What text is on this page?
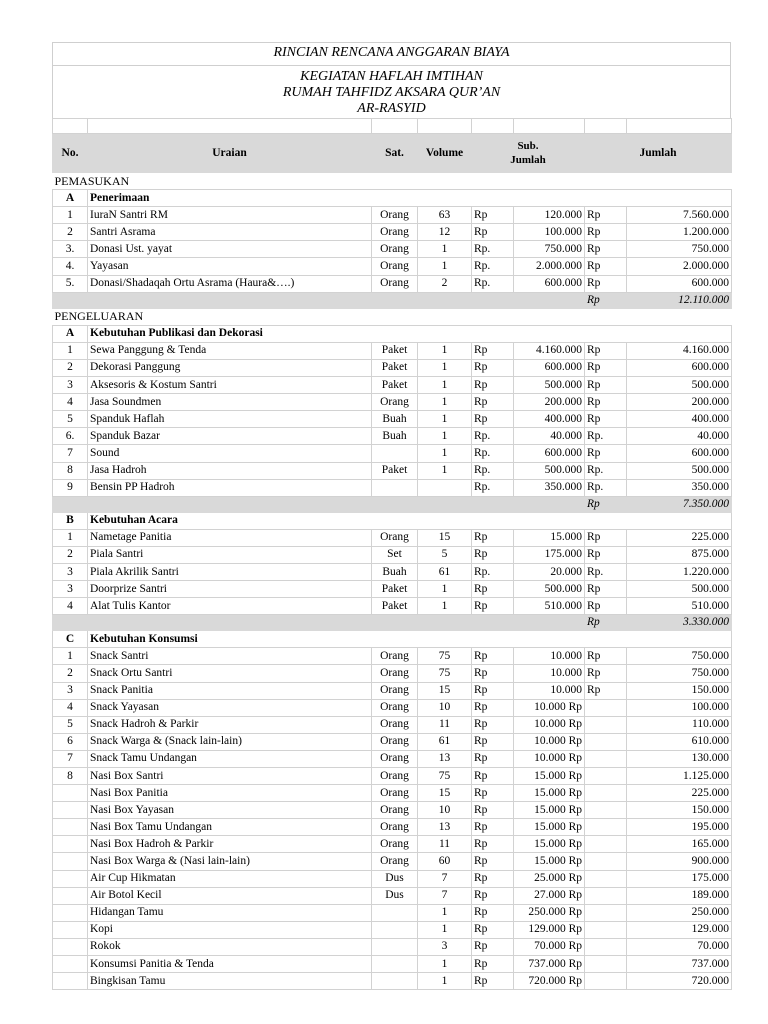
RINCIAN RENCANA ANGGARAN BIAYA
KEGIATAN HAFLAH IMTIHAN
RUMAH TAHFIDZ AKSARA QUR’AN
AR-RASYID

No.	Uraian	Sat.	Volume	Sub.
Jumlah		Jumlah	
PEMASUKAN							
A	Penerimaan						
1	IuraN Santri RM	Orang	63	Rp	120.000	Rp	7.560.000
2	Santri Asrama	Orang	12	Rp	100.000	Rp	1.200.000
3.	Donasi Ust. yayat	Orang	1	Rp.	750.000	Rp	750.000
4.	Yayasan	Orang	1	Rp.	2.000.000	Rp	2.000.000
5.	Donasi/Shadaqah Ortu Asrama (Haura&….)	Orang	2	Rp.	600.000	Rp	600.000
						Rp	12.110.000
PENGELUARAN							
A	Kebutuhan Publikasi dan Dekorasi						
1	Sewa Panggung & Tenda	Paket	1	Rp	4.160.000	Rp	4.160.000
2	Dekorasi Panggung	Paket	1	Rp	600.000	Rp	600.000
3	Aksesoris & Kostum Santri	Paket	1	Rp	500.000	Rp	500.000
4	Jasa Soundmen	Orang	1	Rp	200.000	Rp	200.000
5	Spanduk Haflah	Buah	1	Rp	400.000	Rp	400.000
6.	Spanduk Bazar	Buah	1	Rp.	40.000	Rp.	40.000
7	Sound		1	Rp.	600.000	Rp	600.000
8	Jasa Hadroh	Paket	1	Rp.	500.000	Rp.	500.000
9	Bensin PP Hadroh			Rp.	350.000	Rp.	350.000
						Rp	7.350.000
B	Kebutuhan Acara						
1	Nametage Panitia	Orang	15	Rp	15.000	Rp	225.000
2	Piala Santri	Set	5	Rp	175.000	Rp	875.000
3	Piala Akrilik Santri	Buah	61	Rp.	20.000	Rp.	1.220.000
3	Doorprize Santri	Paket	1	Rp	500.000	Rp	500.000
4	Alat Tulis Kantor	Paket	1	Rp	510.000	Rp	510.000
						Rp	3.330.000
C	Kebutuhan Konsumsi						
1	Snack Santri	Orang	75	Rp	10.000	Rp	750.000
2	Snack Ortu Santri	Orang	75	Rp	10.000	Rp	750.000
3	Snack Panitia	Orang	15	Rp	10.000	Rp	150.000
4	Snack Yayasan	Orang	10	Rp	10.000 Rp		100.000
5	Snack Hadroh & Parkir	Orang	11	Rp	10.000 Rp		110.000
6	Snack Warga & (Snack lain-lain)	Orang	61	Rp	10.000 Rp		610.000
7	Snack Tamu Undangan	Orang	13	Rp	10.000 Rp		130.000
8	Nasi Box Santri	Orang	75	Rp	15.000 Rp		1.125.000
	Nasi Box Panitia	Orang	15	Rp	15.000 Rp		225.000
	Nasi Box Yayasan	Orang	10	Rp	15.000 Rp		150.000
	Nasi Box Tamu Undangan	Orang	13	Rp	15.000 Rp		195.000
	Nasi Box Hadroh & Parkir	Orang	11	Rp	15.000 Rp		165.000
	Nasi Box Warga & (Nasi lain-lain)	Orang	60	Rp	15.000 Rp		900.000
	Air Cup Hikmatan	Dus	7	Rp	25.000 Rp		175.000
	Air Botol Kecil	Dus	7	Rp	27.000 Rp		189.000
	Hidangan Tamu		1	Rp	250.000 Rp		250.000
	Kopi		1	Rp	129.000 Rp		129.000
	Rokok		3	Rp	70.000 Rp		70.000
	Konsumsi Panitia & Tenda		1	Rp	737.000 Rp		737.000
	Bingkisan Tamu		1	Rp	720.000 Rp		720.000
